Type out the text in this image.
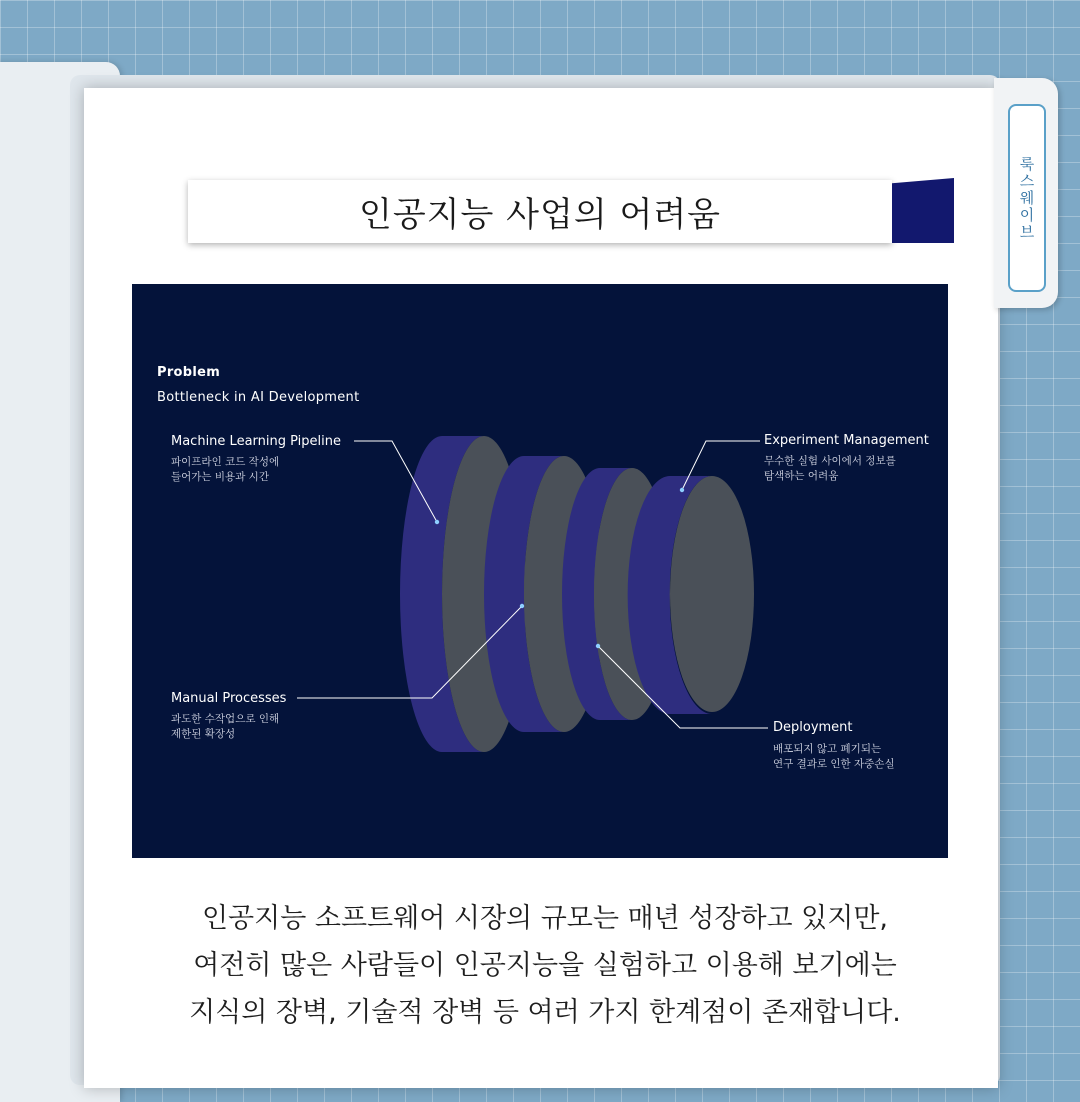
룩스웨이브
인공지능 사업의 어려움
Problem
Bottleneck in AI Development
Machine Learning Pipeline
파이프라인 코드 작성에
들어가는 비용과 시간
Experiment Management
무수한 실험 사이에서 정보를
탐색하는 어려움
Manual Processes
과도한 수작업으로 인해
제한된 확장성	Deployment
배포되지 않고 폐기되는
연구 결과로 인한 자중손실
인공지능 소프트웨어 시장의 규모는 매년 성장하고 있지만,
여전히 많은 사람들이 인공지능을 실험하고 이용해 보기에는
지식의 장벽, 기술적 장벽 등 여러 가지 한계점이 존재합니다.
